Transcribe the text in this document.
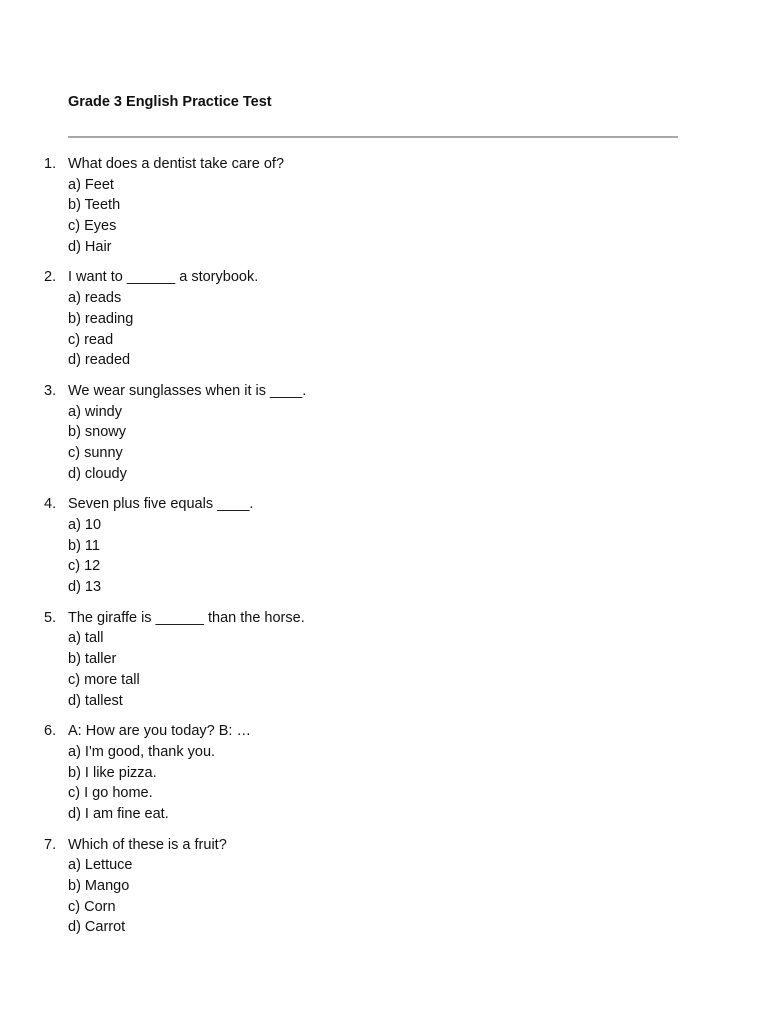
Grade 3 English Practice Test
1. What does a dentist take care of?
a) Feet
b) Teeth
c) Eyes
d) Hair
2. I want to ______ a storybook.
a) reads
b) reading
c) read
d) readed
3. We wear sunglasses when it is ____.
a) windy
b) snowy
c) sunny
d) cloudy
4. Seven plus five equals ____.
a) 10
b) 11
c) 12
d) 13
5. The giraffe is ______ than the horse.
a) tall
b) taller
c) more tall
d) tallest
6. A: How are you today? B: …
a) I'm good, thank you.
b) I like pizza.
c) I go home.
d) I am fine eat.
7. Which of these is a fruit?
a) Lettuce
b) Mango
c) Corn
d) Carrot
